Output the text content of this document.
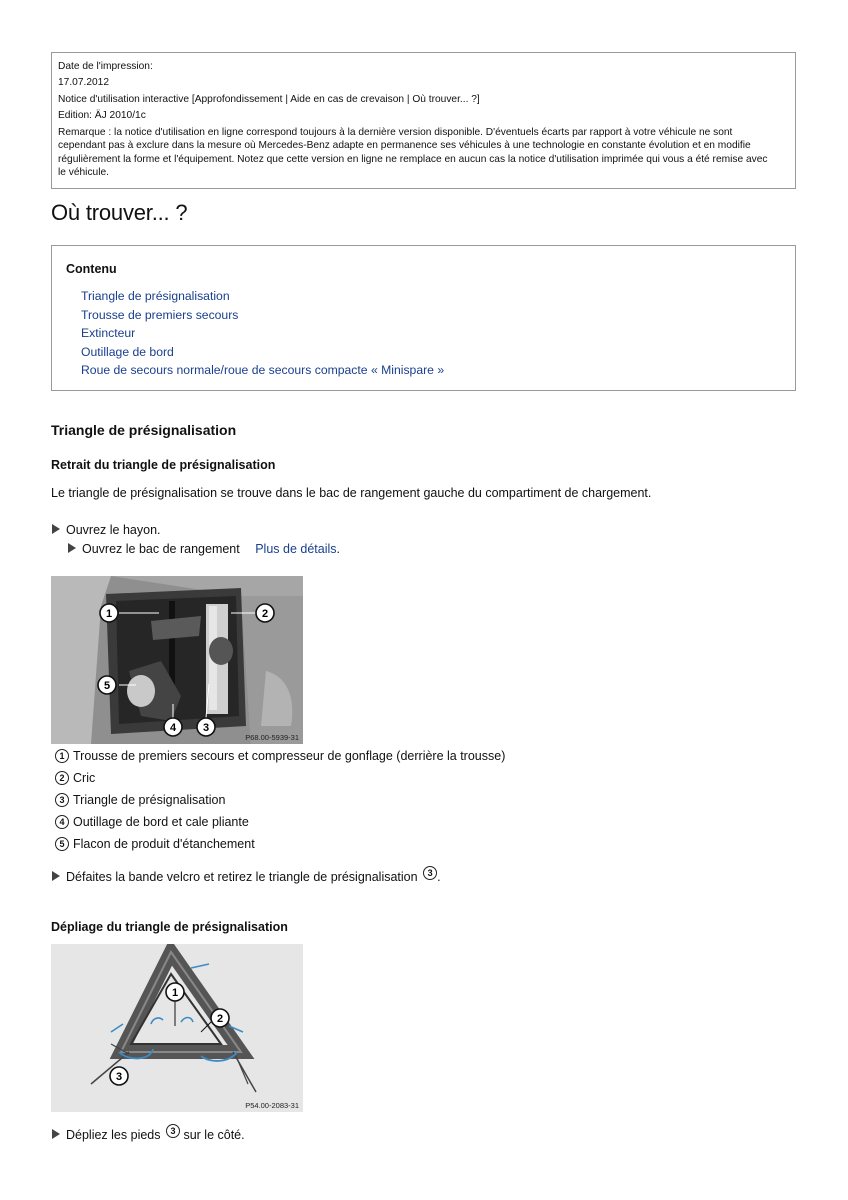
Date de l'impression:
17.07.2012
Notice d'utilisation interactive [Approfondissement | Aide en cas de crevaison | Où trouver... ?]
Edition: ÄJ 2010/1c
Remarque : la notice d'utilisation en ligne correspond toujours à la dernière version disponible. D'éventuels écarts par rapport à votre véhicule ne sont
cependant pas à exclure dans la mesure où Mercedes-Benz adapte en permanence ses véhicules à une technologie en constante évolution et en modifie
régulièrement la forme et l'équipement. Notez que cette version en ligne ne remplace en aucun cas la notice d'utilisation imprimée qui vous a été remise avec
le véhicule.
Où trouver... ?
Contenu
Triangle de présignalisation
Trousse de premiers secours
Extincteur
Outillage de bord
Roue de secours normale/roue de secours compacte « Minispare »
Triangle de présignalisation
Retrait du triangle de présignalisation
Le triangle de présignalisation se trouve dans le bac de rangement gauche du compartiment de chargement.
Ouvrez le hayon.
Ouvrez le bac de rangement Plus de détails.
1	2
5
4 3
P68.00-5939-31
1 Trousse de premiers secours et compresseur de gonflage (derrière la trousse)
2 Cric
3 Triangle de présignalisation
4 Outillage de bord et cale pliante
5 Flacon de produit d'étanchement
Défaites la bande velcro et retirez le triangle de présignalisation 3 .
Dépliage du triangle de présignalisation
1
2
3
P54.00-2083-31
Dépliez les pieds 3 sur le côté.
